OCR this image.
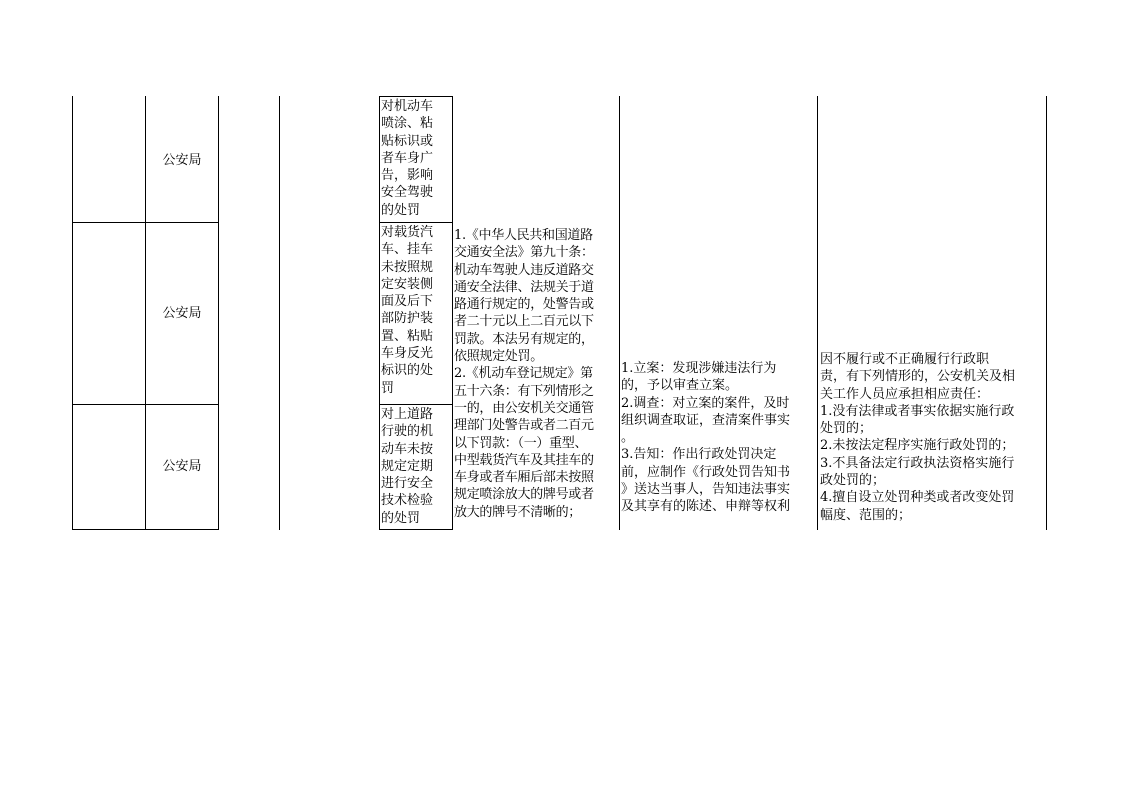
公安局
公安局
公安局
对机动车
喷涂、粘
贴标识或
者车身广
告，影响
安全驾驶
的处罚
对载货汽
车、挂车
未按照规
定安装侧
面及后下
部防护装
置、粘贴
车身反光
标识的处
罚
对上道路
行驶的机
动车未按
规定定期
进行安全
技术检验
的处罚
1.《中华人民共和国道路
交通安全法》第九十条：
机动车驾驶人违反道路交
通安全法律、法规关于道
路通行规定的，处警告或
者二十元以上二百元以下
罚款。本法另有规定的，
依照规定处罚。
2.《机动车登记规定》第
五十六条：有下列情形之
一的，由公安机关交通管
理部门处警告或者二百元
以下罚款：（一）重型、
中型载货汽车及其挂车的
车身或者车厢后部未按照
规定喷涂放大的牌号或者
放大的牌号不清晰的；
1.立案：发现涉嫌违法行为
的，予以审查立案。
2.调查：对立案的案件，及时
组织调查取证，查清案件事实
。
3.告知：作出行政处罚决定
前，应制作《行政处罚告知书
》送达当事人，告知违法事实
及其享有的陈述、申辩等权利
因不履行或不正确履行行政职
责，有下列情形的，公安机关及相
关工作人员应承担相应责任：
1.没有法律或者事实依据实施行政
处罚的；
2.未按法定程序实施行政处罚的；
3.不具备法定行政执法资格实施行
政处罚的；
4.擅自设立处罚种类或者改变处罚
幅度、范围的；
